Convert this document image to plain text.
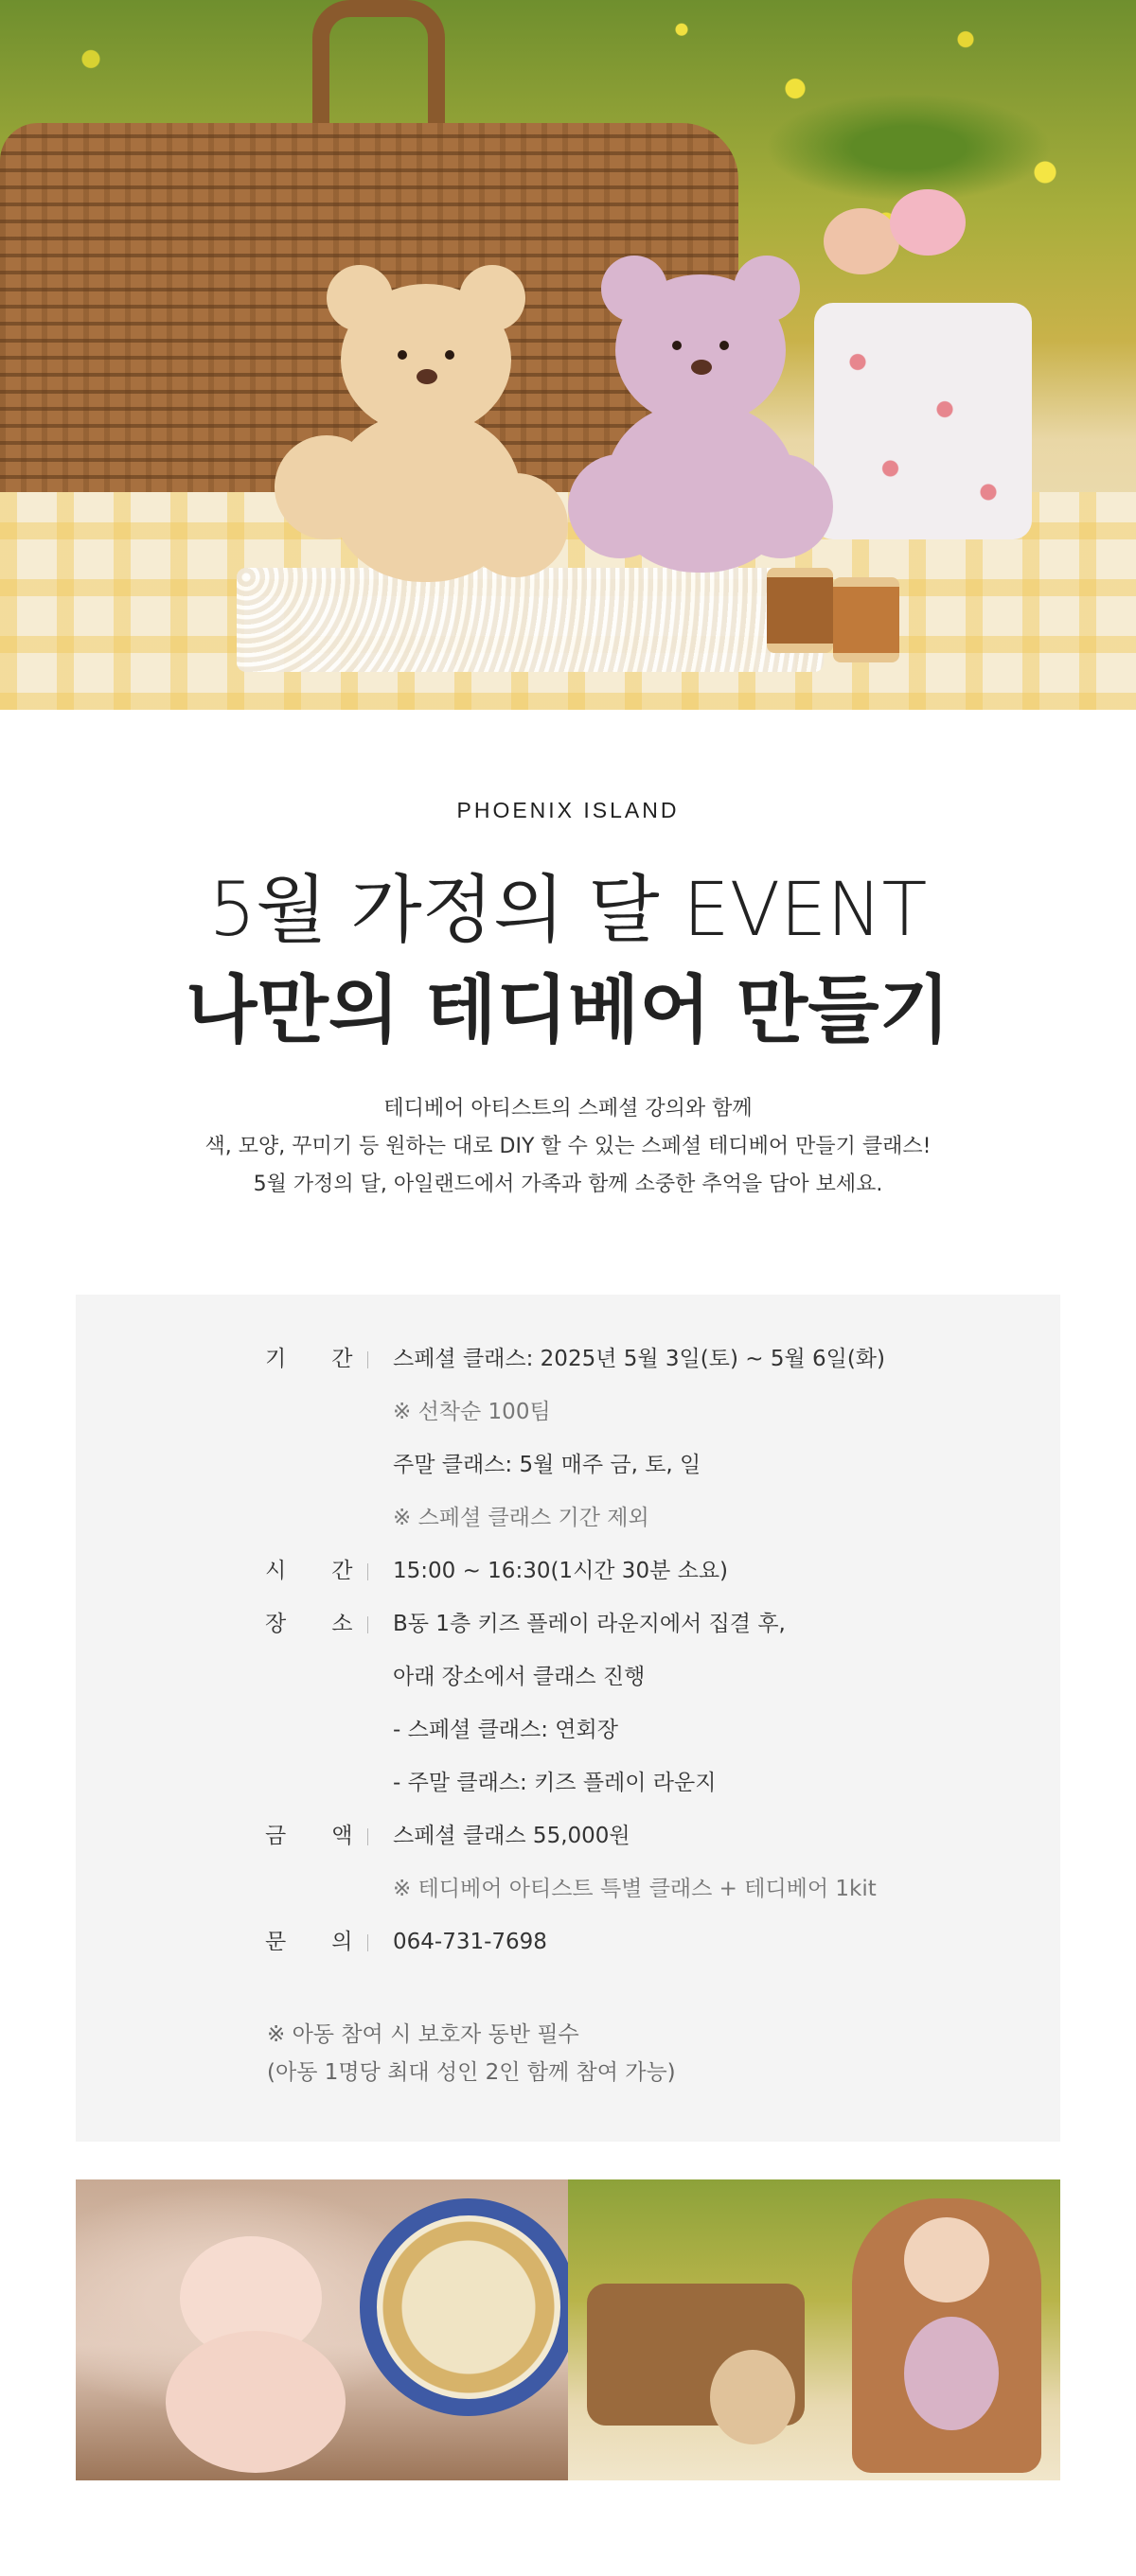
PHOENIX ISLAND
5월 가정의 달 EVENT
나만의 테디베어 만들기
테디베어 아티스트의 스페셜 강의와 함께
색, 모양, 꾸미기 등 원하는 대로 DIY 할 수 있는 스페셜 테디베어 만들기 클래스!
5월 가정의 달, 아일랜드에서 가족과 함께 소중한 추억을 담아 보세요.
기 간	스페셜 클래스: 2025년 5월 3일(토) ~ 5월 6일(화)
※ 선착순 100팀
주말 클래스: 5월 매주 금, 토, 일
※ 스페셜 클래스 기간 제외
시 간	15:00 ~ 16:30(1시간 30분 소요)
장 소	B동 1층 키즈 플레이 라운지에서 집결 후,
아래 장소에서 클래스 진행
- 스페셜 클래스: 연회장
- 주말 클래스: 키즈 플레이 라운지
금 액	스페셜 클래스 55,000원
※ 테디베어 아티스트 특별 클래스 + 테디베어 1kit
문 의	064-731-7698
※ 아동 참여 시 보호자 동반 필수
(아동 1명당 최대 성인 2인 함께 참여 가능)
